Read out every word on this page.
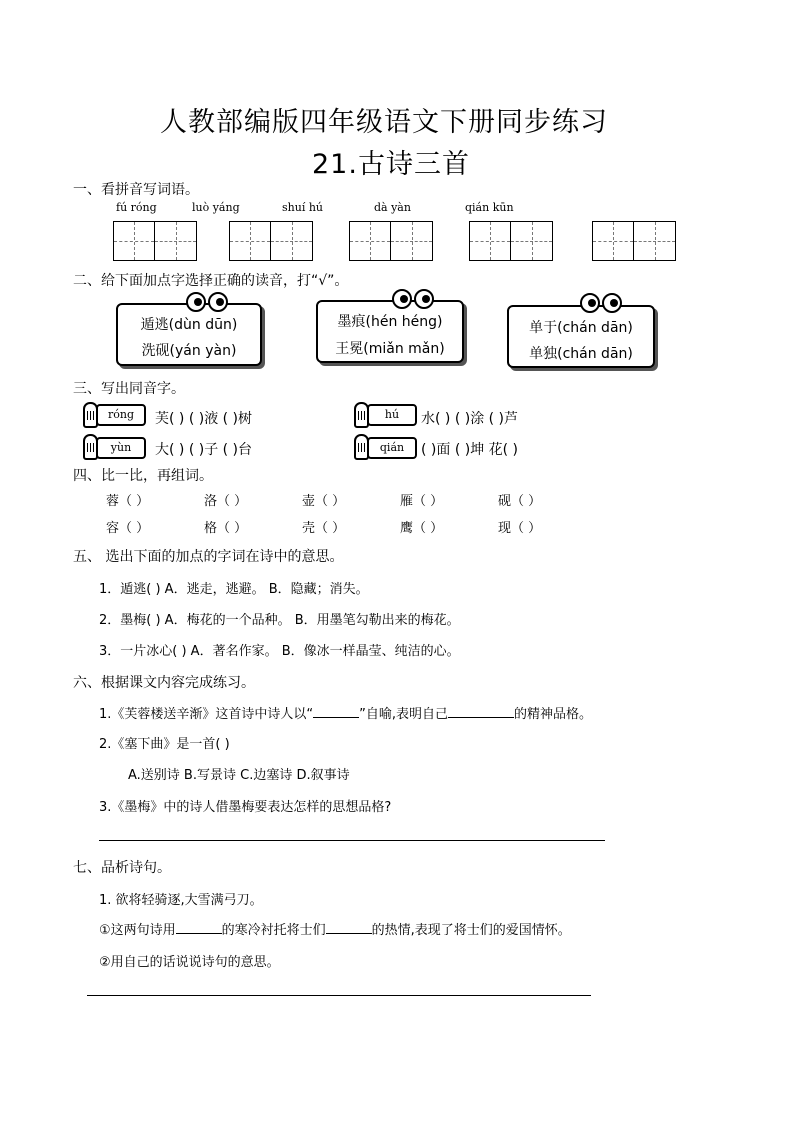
人教部编版四年级语文下册同步练习
21.古诗三首
一、看拼音写词语。
fú róng	luò yáng	shuí hú	dà yàn	qián kūn
二、给下面加点字选择正确的读音，打“√”。
遁逃(dùn dūn)
洗砚(yán yàn)
墨痕(hén héng)
王冕(miǎn mǎn)
单于(chán dān)
单独(chán dān)
三、写出同音字。
róng	芙( ) ( )液 ( )树	hú	水( ) ( )涂 ( )芦
yùn	大( ) ( )子 ( )台	qián	( )面 ( )坤 花( )
四、比一比，再组词。
蓉（ ）	洛（ ）	壶（ ）	雁（ ）	砚（ ）
容（ ）	格（ ）	壳（ ）	鹰（ ）	现（ ）
五、 选出下面的加点的字词在诗中的意思。
1．遁逃( ) A．逃走，逃避。 B．隐藏；消失。
2．墨梅( ) A．梅花的一个品种。 B．用墨笔勾勒出来的梅花。
3．一片冰心( ) A．著名作家。 B．像冰一样晶莹、纯洁的心。
六、根据课文内容完成练习。
1.《芙蓉楼送辛渐》这首诗中诗人以“	”自喻,表明自己	的精神品格。
2.《塞下曲》是一首( )
A.送别诗 B.写景诗 C.边塞诗 D.叙事诗
3.《墨梅》中的诗人借墨梅要表达怎样的思想品格?
七、品析诗句。
1. 欲将轻骑逐,大雪满弓刀。
①这两句诗用	的寒冷衬托将士们	的热情,表现了将士们的爱国情怀。
②用自己的话说说诗句的意思。
